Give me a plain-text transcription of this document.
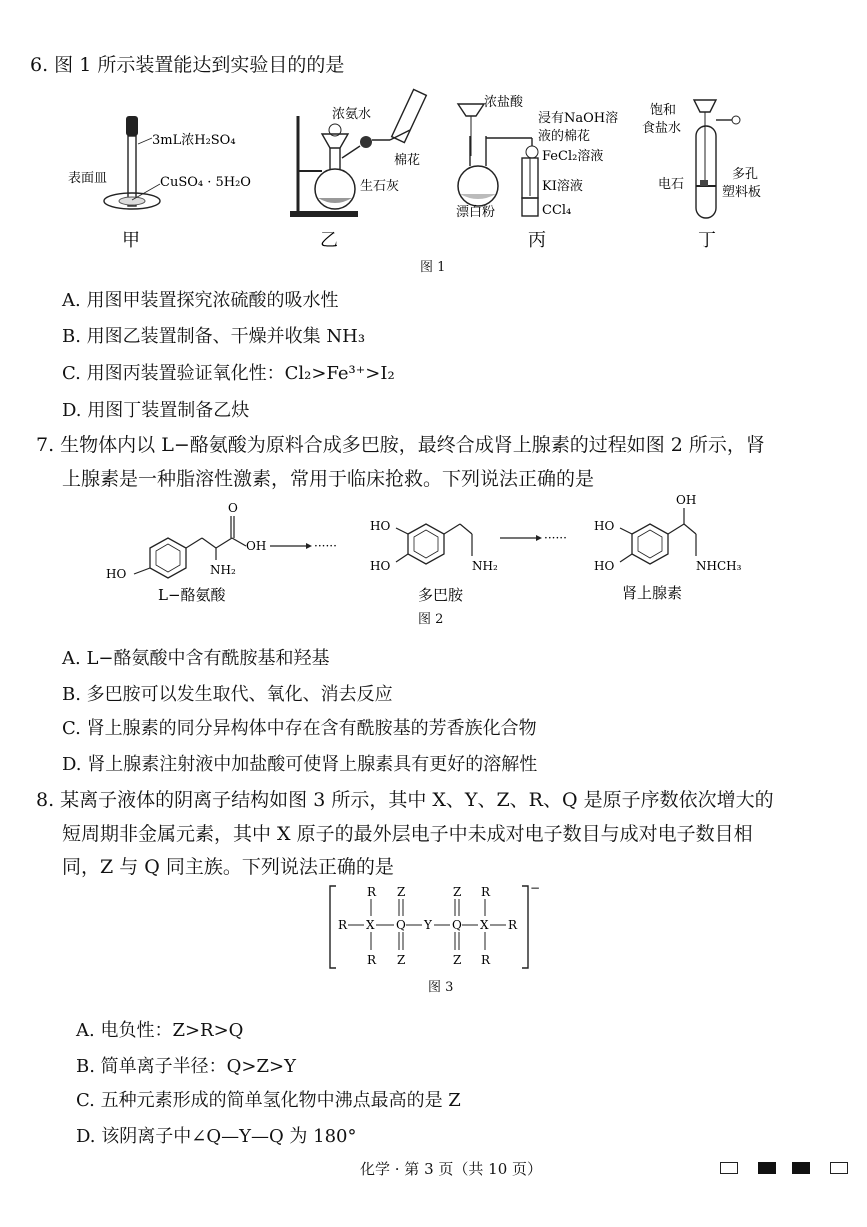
6. 图 1 所示装置能达到实验目的的是
3mL浓H₂SO₄
表面皿	CuSO₄ · 5H₂O
甲
浓氨水
棉花
生石灰
乙
浓盐酸
浸有NaOH溶
液的棉花
FeCl₂溶液
KI溶液
漂白粉	CCl₄
丙
饱和
食盐水
电石
多孔
塑料板
丁
图 1
A. 用图甲装置探究浓硫酸的吸水性
B. 用图乙装置制备、干燥并收集 NH₃
C. 用图丙装置验证氧化性：Cl₂>Fe³⁺>I₂
D. 用图丁装置制备乙炔
7. 生物体内以 L−酪氨酸为原料合成多巴胺，最终合成肾上腺素的过程如图 2 所示，肾
上腺素是一种脂溶性激素，常用于临床抢救。下列说法正确的是
HO
O
OH
NH₂
······
HO
HO	NH₂
······
HO
HO
OH
NHCH₃
L−酪氨酸	多巴胺	肾上腺素
图 2
A. L−酪氨酸中含有酰胺基和羟基
B. 多巴胺可以发生取代、氧化、消去反应
C. 肾上腺素的同分异构体中存在含有酰胺基的芳香族化合物
D. 肾上腺素注射液中加盐酸可使肾上腺素具有更好的溶解性
8. 某离子液体的阴离子结构如图 3 所示，其中 X、Y、Z、R、Q 是原子序数依次增大的
短周期非金属元素，其中 X 原子的最外层电子中未成对电子数目与成对电子数目相
同，Z 与 Q 同主族。下列说法正确的是
−
R X Q Y Q X R
R
R
Z
Z
Z
Z
R
R
图 3
A. 电负性：Z>R>Q
B. 简单离子半径：Q>Z>Y
C. 五种元素形成的简单氢化物中沸点最高的是 Z
D. 该阴离子中∠Q—Y—Q 为 180°
化学 · 第 3 页（共 10 页）
